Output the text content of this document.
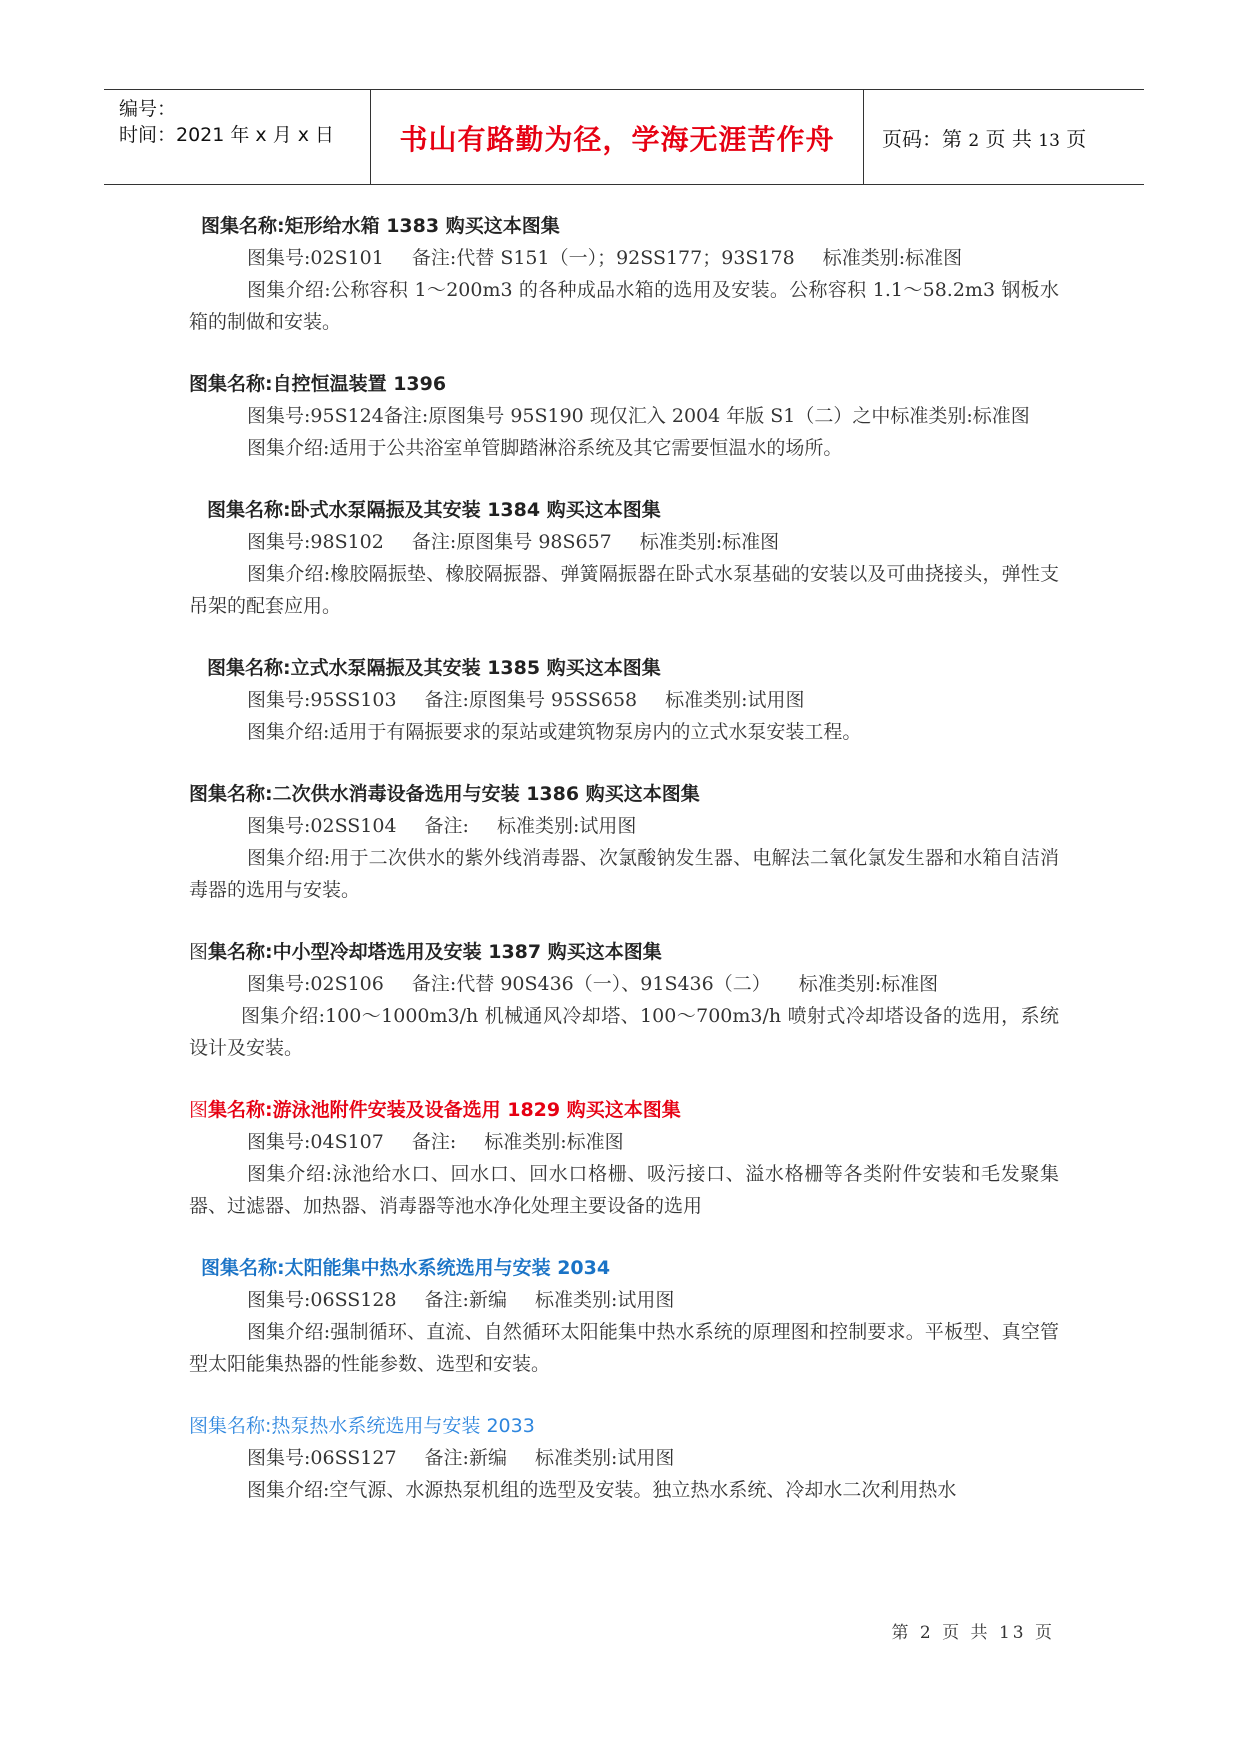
编号：
时间：2021 年 x 月 x 日	书山有路勤为径，学海无涯苦作舟	页码：第 2 页 共 13 页
图集名称:矩形给水箱 1383 购买这本图集
图集号:02S101 备注:代替 S151（一）；92SS177；93S178 标准类别:标准图
图集介绍:公称容积 1～200m3 的各种成品水箱的选用及安装。公称容积 1.1～58.2m3 钢板水箱的制做和安装。
图集名称:自控恒温装置 1396
图集号:95S124备注:原图集号 95S190 现仅汇入 2004 年版 S1（二）之中标准类别:标准图
图集介绍:适用于公共浴室单管脚踏淋浴系统及其它需要恒温水的场所。
图集名称:卧式水泵隔振及其安装 1384 购买这本图集
图集号:98S102 备注:原图集号 98S657 标准类别:标准图
图集介绍:橡胶隔振垫、橡胶隔振器、弹簧隔振器在卧式水泵基础的安装以及可曲挠接头，弹性支吊架的配套应用。
图集名称:立式水泵隔振及其安装 1385 购买这本图集
图集号:95SS103 备注:原图集号 95SS658 标准类别:试用图
图集介绍:适用于有隔振要求的泵站或建筑物泵房内的立式水泵安装工程。
图集名称:二次供水消毒设备选用与安装 1386 购买这本图集
图集号:02SS104 备注: 标准类别:试用图
图集介绍:用于二次供水的紫外线消毒器、次氯酸钠发生器、电解法二氧化氯发生器和水箱自洁消毒器的选用与安装。
图集名称:中小型冷却塔选用及安装 1387 购买这本图集
图集号:02S106 备注:代替 90S436（一）、91S436（二） 标准类别:标准图
图集介绍:100～1000m3/h 机械通风冷却塔、100～700m3/h 喷射式冷却塔设备的选用，系统设计及安装。
图集名称:游泳池附件安装及设备选用 1829 购买这本图集
图集号:04S107 备注: 标准类别:标准图
图集介绍:泳池给水口、回水口、回水口格栅、吸污接口、溢水格栅等各类附件安装和毛发聚集器、过滤器、加热器、消毒器等池水净化处理主要设备的选用
图集名称:太阳能集中热水系统选用与安装 2034
图集号:06SS128 备注:新编 标准类别:试用图
图集介绍:强制循环、直流、自然循环太阳能集中热水系统的原理图和控制要求。平板型、真空管型太阳能集热器的性能参数、选型和安装。
图集名称:热泵热水系统选用与安装 2033
图集号:06SS127 备注:新编 标准类别:试用图
图集介绍:空气源、水源热泵机组的选型及安装。独立热水系统、冷却水二次利用热水
第 2 页 共 13 页
